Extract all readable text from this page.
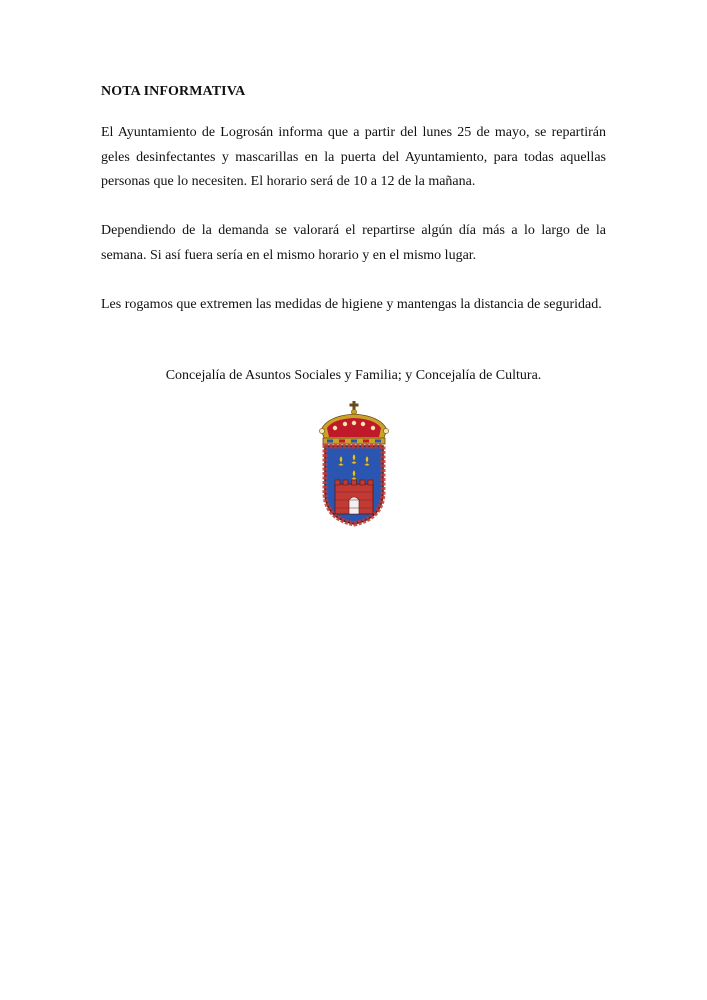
NOTA INFORMATIVA

El Ayuntamiento de Logrosán informa que a partir del lunes 25 de mayo, se repartirán geles desinfectantes y mascarillas en la puerta del Ayuntamiento, para todas aquellas personas que lo necesiten. El horario será de 10 a 12 de la mañana.

Dependiendo de la demanda se valorará el repartirse algún día más a lo largo de la semana. Si así fuera sería en el mismo horario y en el mismo lugar.

Les rogamos que extremen las medidas de higiene y mantengas la distancia de seguridad.

Concejalía de Asuntos Sociales y Familia; y Concejalía de Cultura.
